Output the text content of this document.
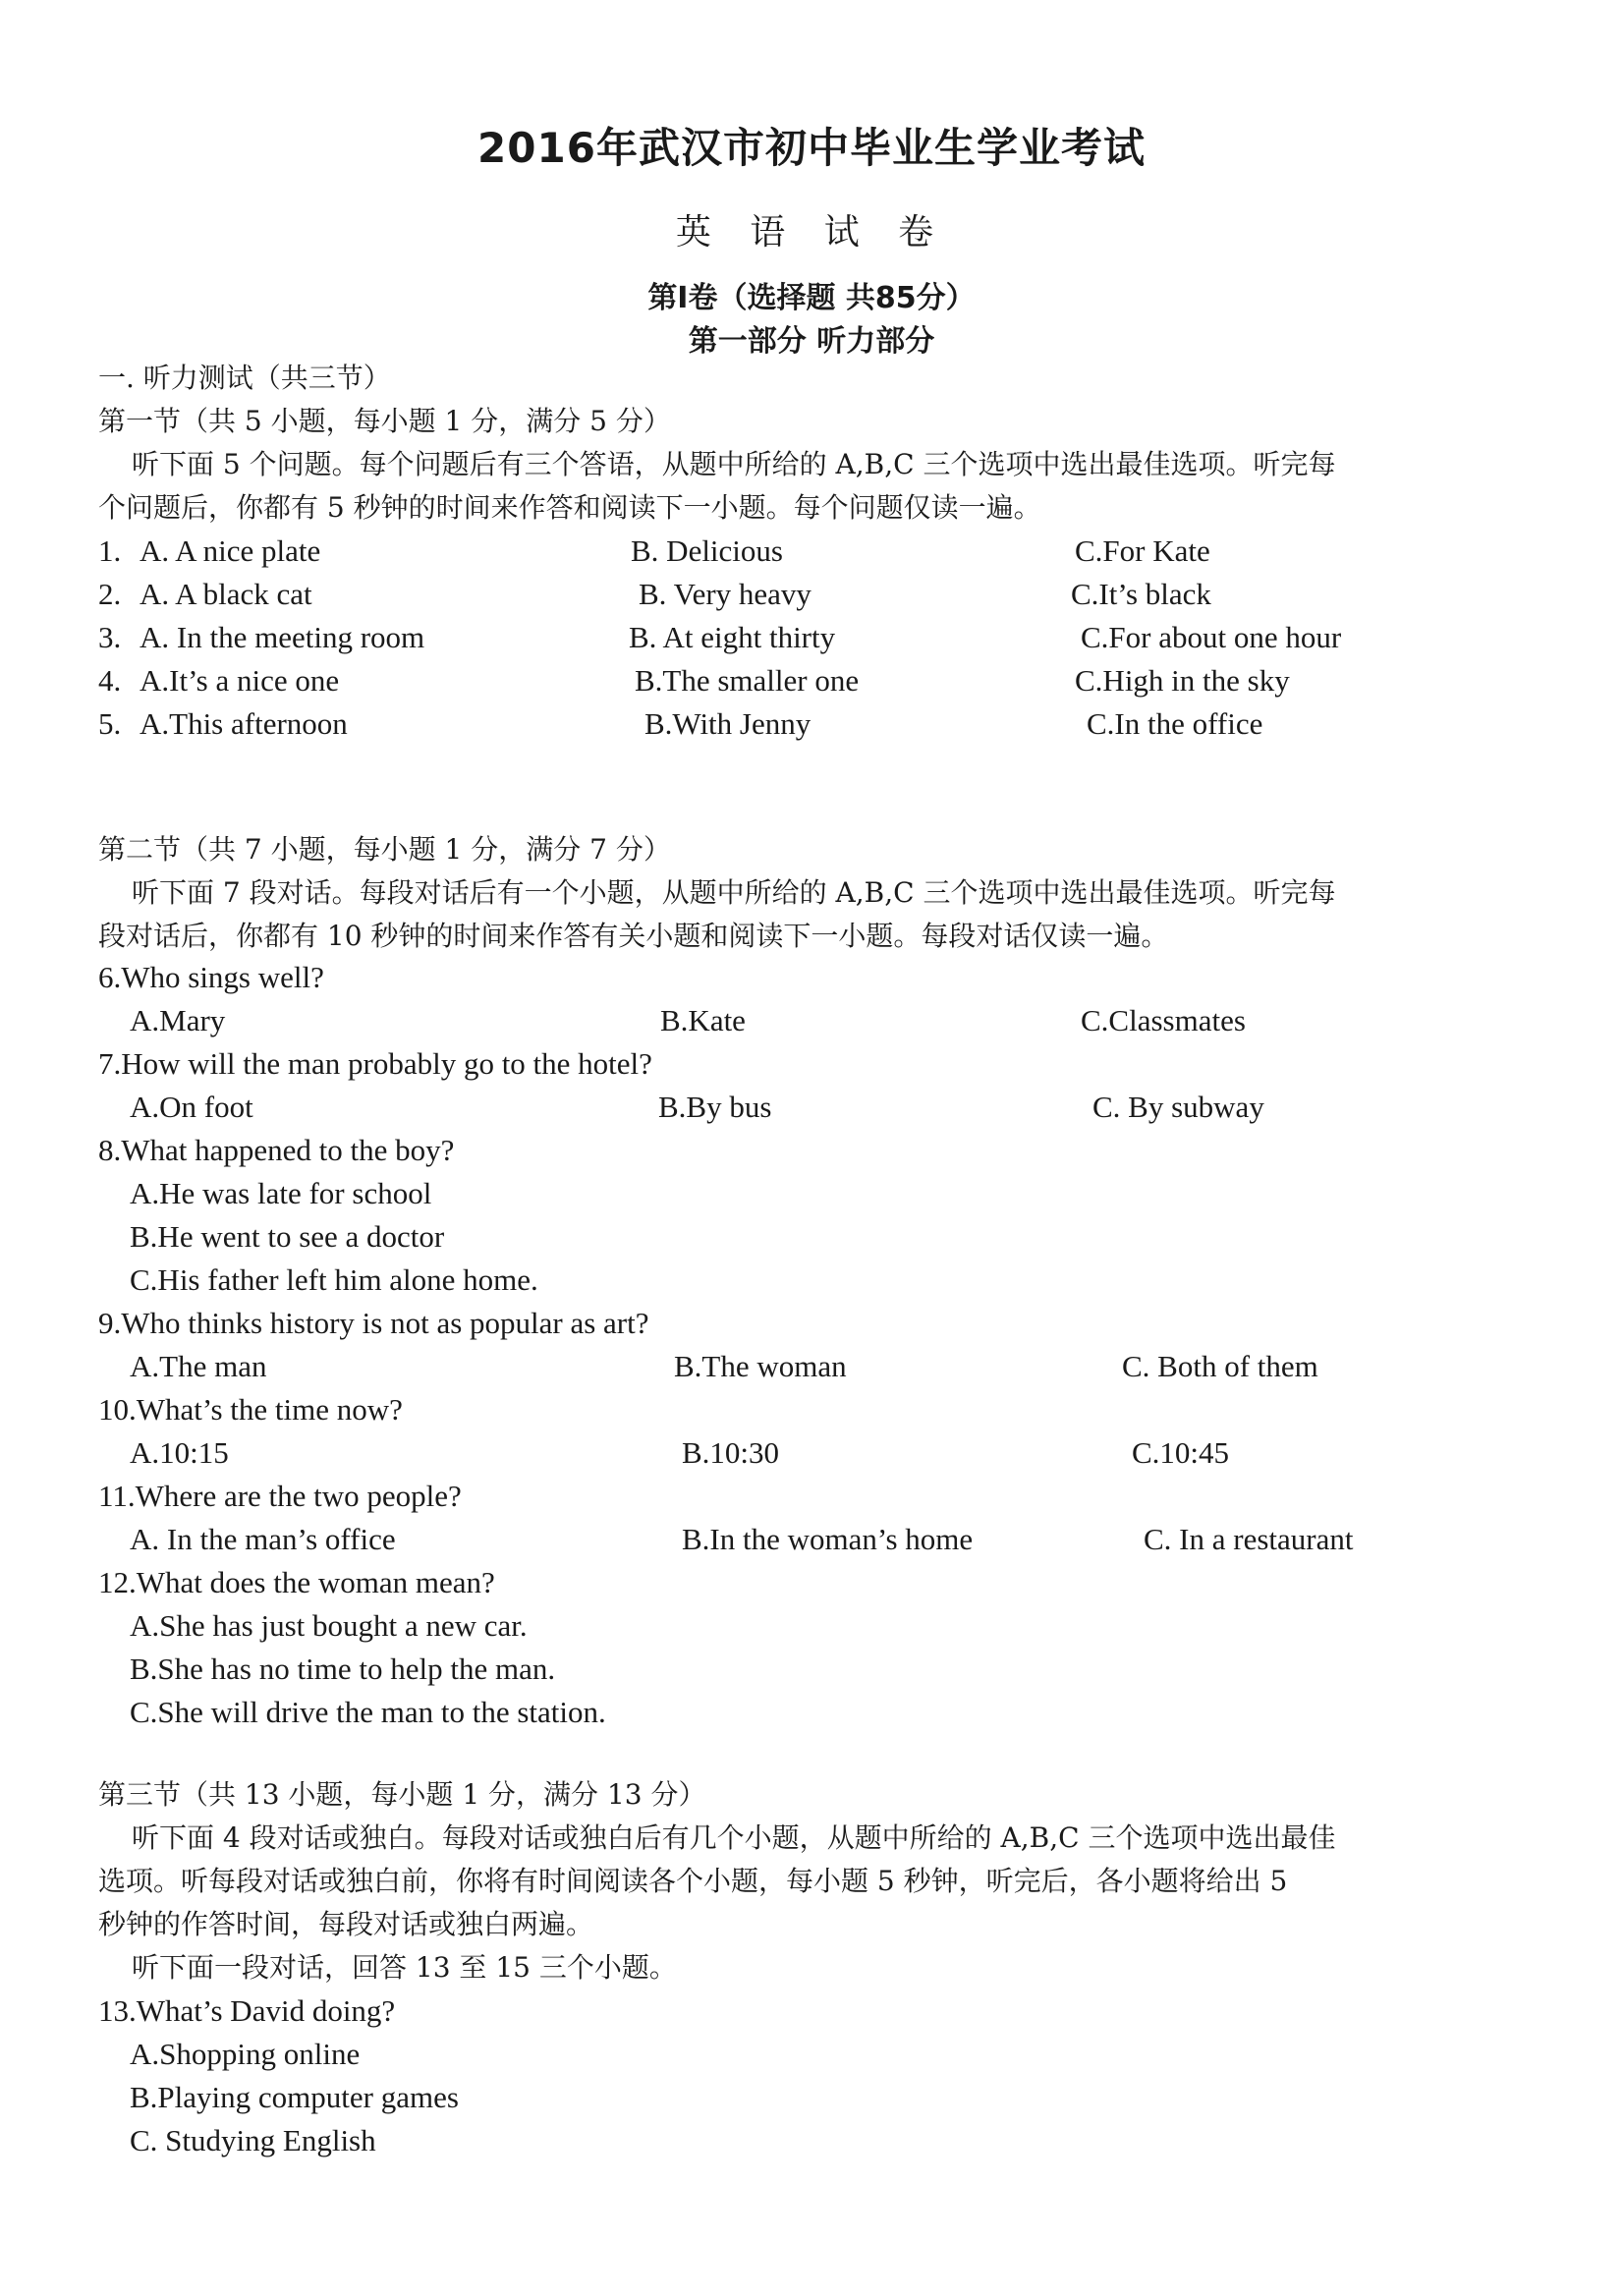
2016年武汉市初中毕业生学业考试
英 语 试 卷
第I卷（选择题 共85分）
第一部分 听力部分
一. 听力测试（共三节）
第一节（共 5 小题，每小题 1 分，满分 5 分）
听下面 5 个问题。每个问题后有三个答语，从题中所给的 A,B,C 三个选项中选出最佳选项。听完每
个问题后，你都有 5 秒钟的时间来作答和阅读下一小题。每个问题仅读一遍。
1. A. A nice plate	B. Delicious	C.For Kate
2. A. A black cat	B. Very heavy	C.It’s black
3. A. In the meeting room	B. At eight thirty	C.For about one hour
4. A.It’s a nice one	B.The smaller one	C.High in the sky
5. A.This afternoon	B.With Jenny	C.In the office
第二节（共 7 小题，每小题 1 分，满分 7 分）
听下面 7 段对话。每段对话后有一个小题，从题中所给的 A,B,C 三个选项中选出最佳选项。听完每
段对话后，你都有 10 秒钟的时间来作答有关小题和阅读下一小题。每段对话仅读一遍。
6.Who sings well?
A.Mary	B.Kate	C.Classmates
7.How will the man probably go to the hotel?
A.On foot	B.By bus	C. By subway
8.What happened to the boy?
A.He was late for school
B.He went to see a doctor
C.His father left him alone home.
9.Who thinks history is not as popular as art?
A.The man	B.The woman	C. Both of them
10.What’s the time now?
A.10:15	B.10:30	C.10:45
11.Where are the two people?
A. In the man’s office	B.In the woman’s home	C. In a restaurant
12.What does the woman mean?
A.She has just bought a new car.
B.She has no time to help the man.
C.She will drive the man to the station.
第三节（共 13 小题，每小题 1 分，满分 13 分）
听下面 4 段对话或独白。每段对话或独白后有几个小题，从题中所给的 A,B,C 三个选项中选出最佳
选项。听每段对话或独白前，你将有时间阅读各个小题，每小题 5 秒钟，听完后，各小题将给出 5
秒钟的作答时间，每段对话或独白两遍。
听下面一段对话，回答 13 至 15 三个小题。
13.What’s David doing?
A.Shopping online
B.Playing computer games
C. Studying English
